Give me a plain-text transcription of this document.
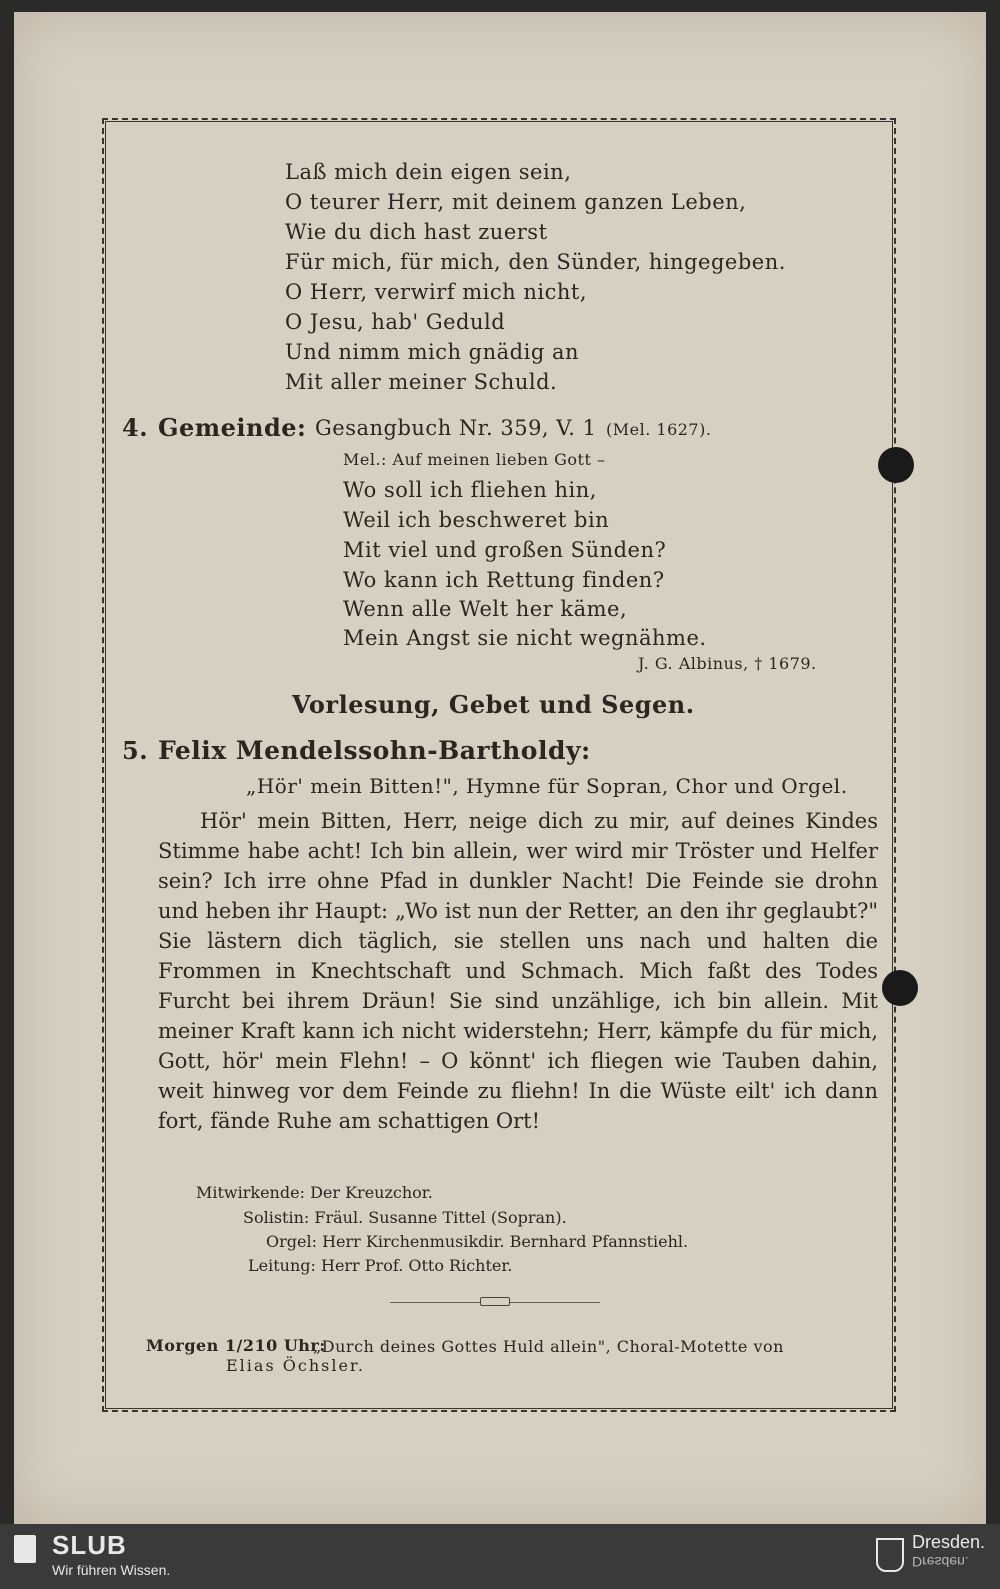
Laß mich dein eigen sein,
O teurer Herr, mit deinem ganzen Leben,
Wie du dich hast zuerst
Für mich, für mich, den Sünder, hingegeben.
O Herr, verwirf mich nicht,
O Jesu, hab' Geduld
Und nimm mich gnädig an
Mit aller meiner Schuld.
4. Gemeinde: Gesangbuch Nr. 359, V. 1 (Mel. 1627).
Mel.: Auf meinen lieben Gott –
Wo soll ich fliehen hin,
Weil ich beschweret bin
Mit viel und großen Sünden?
Wo kann ich Rettung finden?
Wenn alle Welt her käme,
Mein Angst sie nicht wegnähme.
J. G. Albinus, † 1679.
Vorlesung, Gebet und Segen.
5. Felix Mendelssohn-Bartholdy:
„Hör' mein Bitten!", Hymne für Sopran, Chor und Orgel.
Hör' mein Bitten, Herr, neige dich zu mir, auf deines Kindes Stimme habe acht! Ich bin allein, wer wird mir Tröster und Helfer sein? Ich irre ohne Pfad in dunkler Nacht! Die Feinde sie drohn und heben ihr Haupt: „Wo ist nun der Retter, an den ihr geglaubt?" Sie lästern dich täglich, sie stellen uns nach und halten die Frommen in Knechtschaft und Schmach. Mich faßt des Todes Furcht bei ihrem Dräun! Sie sind unzählige, ich bin allein. Mit meiner Kraft kann ich nicht widerstehn; Herr, kämpfe du für mich, Gott, hör' mein Flehn! – O könnt' ich fliegen wie Tauben dahin, weit hinweg vor dem Feinde zu fliehn! In die Wüste eilt' ich dann fort, fände Ruhe am schattigen Ort!
Mitwirkende: Der Kreuzchor.
Solistin: Fräul. Susanne Tittel (Sopran).
Orgel: Herr Kirchenmusikdir. Bernhard Pfannstiehl.
Leitung: Herr Prof. Otto Richter.
Morgen 1/210 Uhr:
„Durch deines Gottes Huld allein", Choral-Motette von
Elias Öchsler.
SLUB
Wir führen Wissen.
Dresden.
Dresden.
